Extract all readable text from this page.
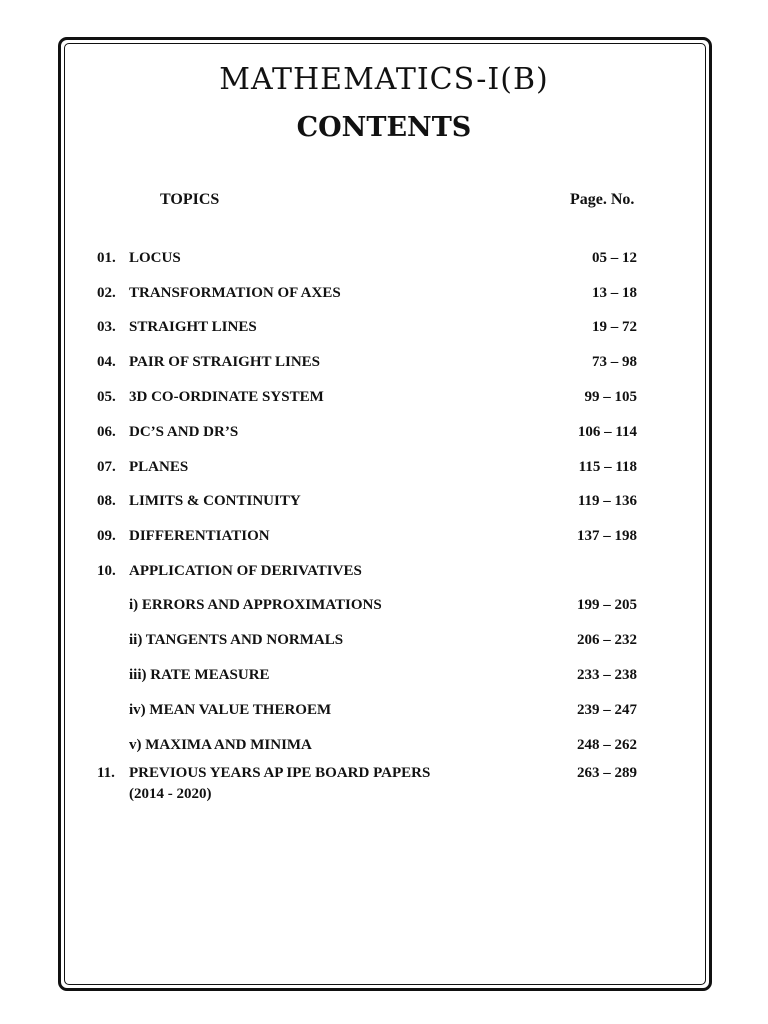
MATHEMATICS-I(B)
CONTENTS
TOPICS	Page. No.
01. LOCUS	05 – 12
02. TRANSFORMATION OF AXES	13 – 18
03. STRAIGHT LINES	19 – 72
04. PAIR OF STRAIGHT LINES	73 – 98
05. 3D CO-ORDINATE SYSTEM	99 – 105
06. DC’S AND DR’S	106 – 114
07. PLANES	115 – 118
08. LIMITS & CONTINUITY	119 – 136
09. DIFFERENTIATION	137 – 198
10. APPLICATION OF DERIVATIVES
i) ERRORS AND APPROXIMATIONS	199 – 205
ii) TANGENTS AND NORMALS	206 – 232
iii) RATE MEASURE	233 – 238
iv) MEAN VALUE THEROEM	239 – 247
v) MAXIMA AND MINIMA	248 – 262
11. PREVIOUS YEARS AP IPE BOARD PAPERS	263 – 289
(2014 - 2020)
